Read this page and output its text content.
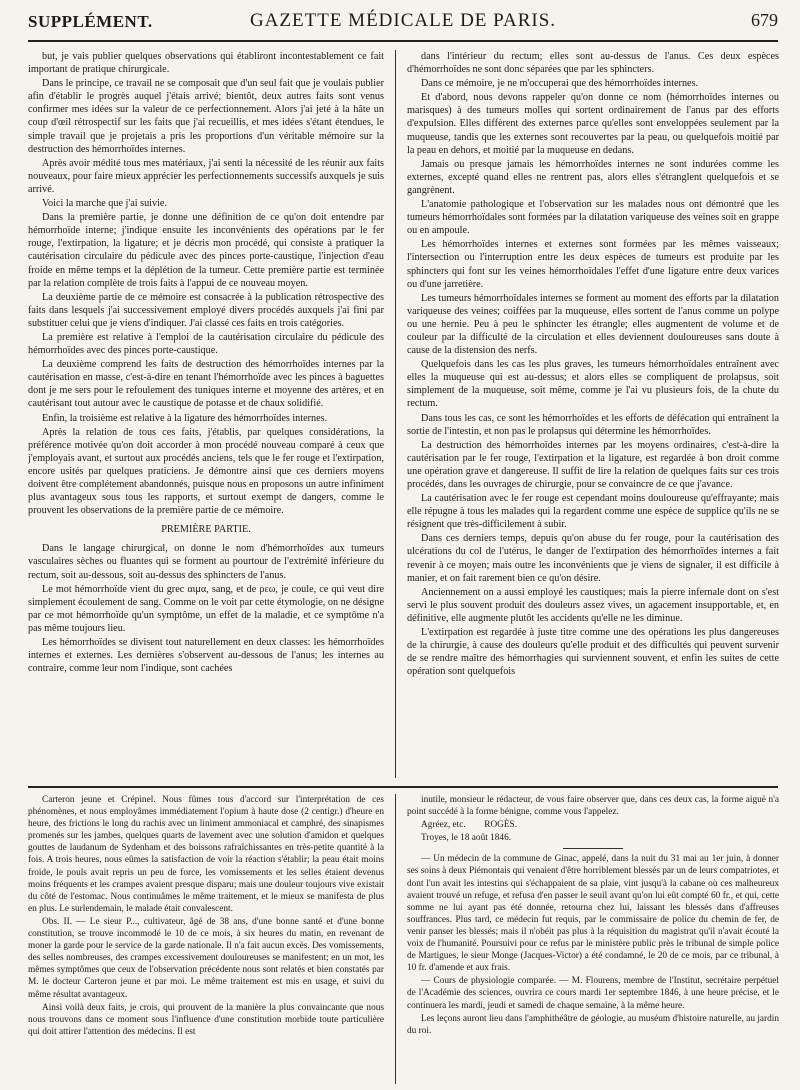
SUPPLÉMENT.	GAZETTE MÉDICALE DE PARIS.	679

but, je vais publier quelques observations qui établiront incontestablement ce fait important de pratique chirurgicale.

Dans le principe, ce travail ne se composait que d'un seul fait que je voulais publier afin d'établir le progrès auquel j'étais arrivé; bientôt, deux autres faits sont venus confirmer mes idées sur la valeur de ce perfectionnement. Alors j'ai jeté à la hâte un coup d'œil rétrospectif sur les faits que j'ai recueillis, et mes idées s'étant étendues, le simple travail que je projetais a pris les proportions d'un véritable mémoire sur la destruction des hémorrhoïdes internes.

Après avoir médité tous mes matériaux, j'ai senti la nécessité de les réunir aux faits nouveaux, pour faire mieux apprécier les perfectionnements successifs auxquels je suis arrivé.

Voici la marche que j'ai suivie.

Dans la première partie, je donne une définition de ce qu'on doit entendre par hémorrhoïde interne; j'indique ensuite les inconvénients des opérations par le fer rouge, l'extirpation, la ligature; et je décris mon procédé, qui consiste à pratiquer la cautérisation circulaire du pédicule avec des pinces porte-caustique, l'injection d'eau froide en même temps et la déplétion de la tumeur. Cette première partie est terminée par la relation complète de trois faits à l'appui de ce nouveau moyen.

La deuxième partie de ce mémoire est consacrée à la publication rétrospective des faits dans lesquels j'ai successivement employé divers procédés auxquels j'ai fini par substituer celui que je viens d'indiquer. J'ai classé ces faits en trois catégories.

La première est relative à l'emploi de la cautérisation circulaire du pédicule des hémorrhoïdes avec des pinces porte-caustique.

La deuxième comprend les faits de destruction des hémorrhoïdes internes par la cautérisation en masse, c'est-à-dire en tenant l'hémorrhoïde avec les pinces à baguettes dont je me sers pour le refoulement des tuniques interne et moyenne des artères, et en cautérisant tout autour avec le caustique de potasse et de chaux solidifié.

Enfin, la troisième est relative à la ligature des hémorrhoïdes internes.

Après la relation de tous ces faits, j'établis, par quelques considérations, la préférence motivée qu'on doit accorder à mon procédé nouveau comparé à ceux que j'employais avant, et surtout aux procédés anciens, tels que le fer rouge et l'extirpation, encore usités par quelques praticiens. Je démontre ainsi que ces derniers moyens doivent être complétement abandonnés, puisque nous en proposons un autre infiniment plus avantageux sous tous les rapports, et surtout exempt de dangers, comme le prouvent les observations de la première partie de ce mémoire.

PREMIÈRE PARTIE.

Dans le langage chirurgical, on donne le nom d'hémorrhoïdes aux tumeurs vasculaires sèches ou fluantes qui se forment au pourtour de l'extrémité inférieure du rectum, soit au-dessous, soit au-dessus des sphincters de l'anus.

Le mot hémorrhoïde vient du grec αιμα, sang, et de ρεω, je coule, ce qui veut dire simplement écoulement de sang. Comme on le voit par cette étymologie, on ne désigne par ce mot hémorrhoïde qu'un symptôme, un effet de la maladie, et ce symptôme n'a pas même toujours lieu.

Les hémorrhoïdes se divisent tout naturellement en deux classes: les hémorrhoïdes internes et externes. Les dernières s'observent au-dessous de l'anus; les internes au contraire, comme leur nom l'indique, sont cachées

dans l'intérieur du rectum; elles sont au-dessus de l'anus. Ces deux espèces d'hémorrhoïdes ne sont donc séparées que par les sphincters.

Dans ce mémoire, je ne m'occuperai que des hémorrhoïdes internes.

Et d'abord, nous devons rappeler qu'on donne ce nom (hémorrhoïdes internes ou marisques) à des tumeurs molles qui sortent ordinairement de l'anus par des efforts d'expulsion. Elles diffèrent des externes parce qu'elles sont enveloppées seulement par la muqueuse, tandis que les externes sont recouvertes par la peau, ou quelquefois moitié par la peau en dehors, et moitié par la muqueuse en dedans.

Jamais ou presque jamais les hémorrhoïdes internes ne sont indurées comme les externes, excepté quand elles ne rentrent pas, alors elles s'étranglent quelquefois et se gangrènent.

L'anatomie pathologique et l'observation sur les malades nous ont démontré que les tumeurs hémorrhoïdales sont formées par la dilatation variqueuse des veines soit en grappe ou en ampoule.

Les hémorrhoïdes internes et externes sont formées par les mêmes vaisseaux; l'intersection ou l'interruption entre les deux espèces de tumeurs est produite par les sphincters qui font sur les veines hémorrhoïdales l'effet d'une ligature entre deux varices ou d'une jarretière.

Les tumeurs hémorrhoïdales internes se forment au moment des efforts par la dilatation variqueuse des veines; coiffées par la muqueuse, elles sortent de l'anus comme un polype ou une hernie. Peu à peu le sphincter les étrangle; elles augmentent de volume et de couleur par la difficulté de la circulation et elles deviennent douloureuses sans doute à cause de la distension des nerfs.

Quelquefois dans les cas les plus graves, les tumeurs hémorrhoïdales entraînent avec elles la muqueuse qui est au-dessus; et alors elles se compliquent de prolapsus, soit simplement de la muqueuse, soit même, comme je l'ai vu plusieurs fois, de la chute du rectum.

Dans tous les cas, ce sont les hémorrhoïdes et les efforts de défécation qui entraînent la sortie de l'intestin, et non pas le prolapsus qui détermine les hémorrhoïdes.

La destruction des hémorrhoïdes internes par les moyens ordinaires, c'est-à-dire la cautérisation par le fer rouge, l'extirpation et la ligature, est regardée à bon droit comme une opération grave et dangereuse. Il suffit de lire la relation de quelques faits sur ces trois procédés, dans les ouvrages de chirurgie, pour se convaincre de ce que j'avance.

La cautérisation avec le fer rouge est cependant moins douloureuse qu'effrayante; mais elle répugne à tous les malades qui la regardent comme une espèce de supplice qu'ils ne se résignent que très-difficilement à subir.

Dans ces derniers temps, depuis qu'on abuse du fer rouge, pour la cautérisation des ulcérations du col de l'utérus, le danger de l'extirpation des hémorrhoïdes internes a fait revenir à ce moyen; mais outre les inconvénients que je viens de signaler, il est difficile à manier, et on fait rarement bien ce qu'on désire.

Anciennement on a aussi employé les caustiques; mais la pierre infernale dont on s'est servi le plus souvent produit des douleurs assez vives, un agacement insupportable, et, en définitive, elle augmente plutôt les accidents qu'elle ne les diminue.

L'extirpation est regardée à juste titre comme une des opérations les plus dangereuses de la chirurgie, à cause des douleurs qu'elle produit et des difficultés qui peuvent survenir de se rendre maître des hémorrhagies qui surviennent souvent, et enfin les suites de cette opération sont quelquefois

Carteron jeune et Crépinel. Nous fûmes tous d'accord sur l'interprétation de ces phénomènes, et nous employâmes immédiatement l'opium à haute dose (2 centigr.) d'heure en heure, des frictions le long du rachis avec un liniment ammoniacal et camphré, des sinapismes promenés sur les jambes, quelques quarts de lavement avec une solution d'amidon et quelques gouttes de laudanum de Sydenham et des boissons rafraîchissantes en très-petite quantité à la fois. A trois heures, nous eûmes la satisfaction de voir la réaction s'établir; la peau était moins froide, le pouls avait repris un peu de force, les vomissements et les selles étaient devenus moins fréquents et les crampes avaient presque disparu; mais une douleur toujours vive existait du côté de l'estomac. Nous continuâmes le même traitement, et le mieux se manifesta de plus en plus. Le surlendemain, le malade était convalescent.

Obs. II. — Le sieur P..., cultivateur, âgé de 38 ans, d'une bonne santé et d'une bonne constitution, se trouve incommodé le 10 de ce mois, à six heures du matin, en revenant de moner la garde pour le service de la garde nationale. Il n'a fait aucun excès. Des vomissements, des selles nombreuses, des crampes excessivement douloureuses se manifestent; en un mot, les mêmes symptômes que ceux de l'observation précédente nous sont relatés et bien constatés par M. le docteur Carteron jeune et par moi. Le même traitement est mis en usage, et suivi du même résultat avantageux.

Ainsi voilà deux faits, je crois, qui prouvent de la manière la plus convaincante que nous nous trouvons dans ce moment sous l'influence d'une constitution morbide toute particulière qui doit attirer l'attention des médecins. Il est

inutile, monsieur le rédacteur, de vous faire observer que, dans ces deux cas, la forme aiguë n'a point succédé à la forme bénigne, comme vous l'appelez.

Agréez, etc.        ROGÈS.

Troyes, le 18 août 1846.

— Un médecin de la commune de Ginac, appelé, dans la nuit du 31 mai au 1er juin, à donner ses soins à deux Piémontais qui venaient d'être horriblement blessés par un de leurs compatriotes, et dont l'un avait les intestins qui s'échappaient de sa plaie, vint jusqu'à la cabane où ces malheureux avaient trouvé un refuge, et refusa d'en passer le seuil avant qu'on lui eût compté 60 fr., et qui, cette somme ne lui ayant pas été donnée, retourna chez lui, laissant les blessés dans d'affreuses souffrances. Plus tard, ce médecin fut requis, par le commissaire de police du chemin de fer, de venir panser les blessés; mais il n'obéit pas plus à la réquisition du magistrat qu'il n'avait écouté la voix de l'humanité. Poursuivi pour ce refus par le ministère public près le tribunal de simple police de Martigues, le sieur Monge (Jacques-Victor) a été condamné, le 20 de ce mois, par ce tribunal, à 10 fr. d'amende et aux frais.

— Cours de physiologie comparée. — M. Flourens, membre de l'Institut, secrétaire perpétuel de l'Académie des sciences, ouvrira ce cours mardi 1er septembre 1846, à une heure précise, et le continuera les mardi, jeudi et samedi de chaque semaine, à la même heure.

Les leçons auront lieu dans l'amphithéâtre de géologie, au muséum d'histoire naturelle, au jardin du roi.
